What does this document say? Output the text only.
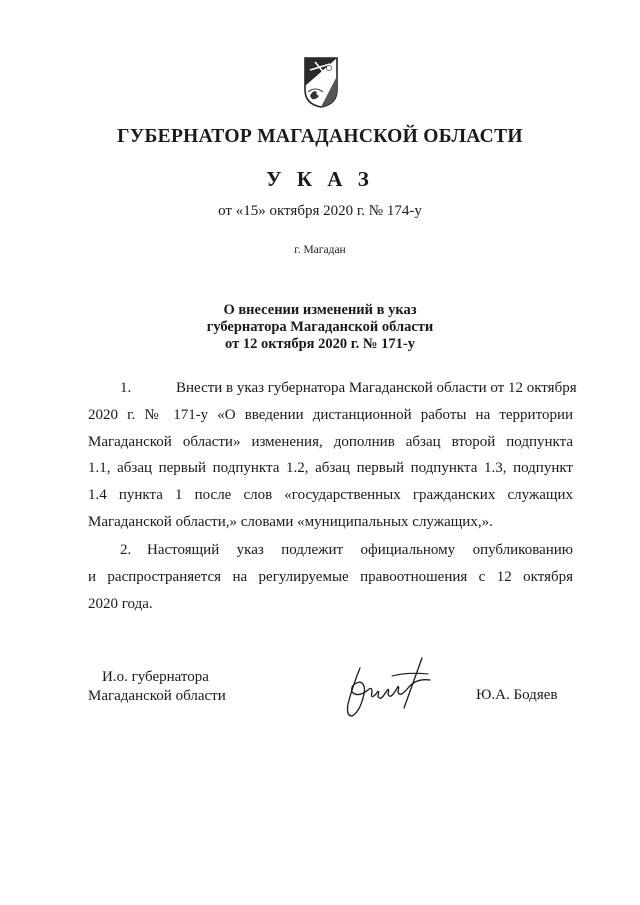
ГУБЕРНАТОР МАГАДАНСКОЙ ОБЛАСТИ
У К А З
от «15» октября 2020 г. № 174-у
г. Магадан
О внесении изменений в указ
губернатора Магаданской области
от 12 октября 2020 г. № 171-у
1.	Внести в указ губернатора Магаданской области от 12 октября
2020 г. № 171-у «О введении дистанционной работы на территории
Магаданской области» изменения, дополнив абзац второй подпункта
1.1, абзац первый подпункта 1.2, абзац первый подпункта 1.3, подпункт
1.4 пункта 1 после слов «государственных гражданских служащих
Магаданской области,» словами «муниципальных служащих,».
2. Настоящий указ подлежит официальному опубликованию
и распространяется на регулируемые правоотношения с 12 октября
2020 года.
И.о. губернатора
Магаданской области	Ю.А. Бодяев
